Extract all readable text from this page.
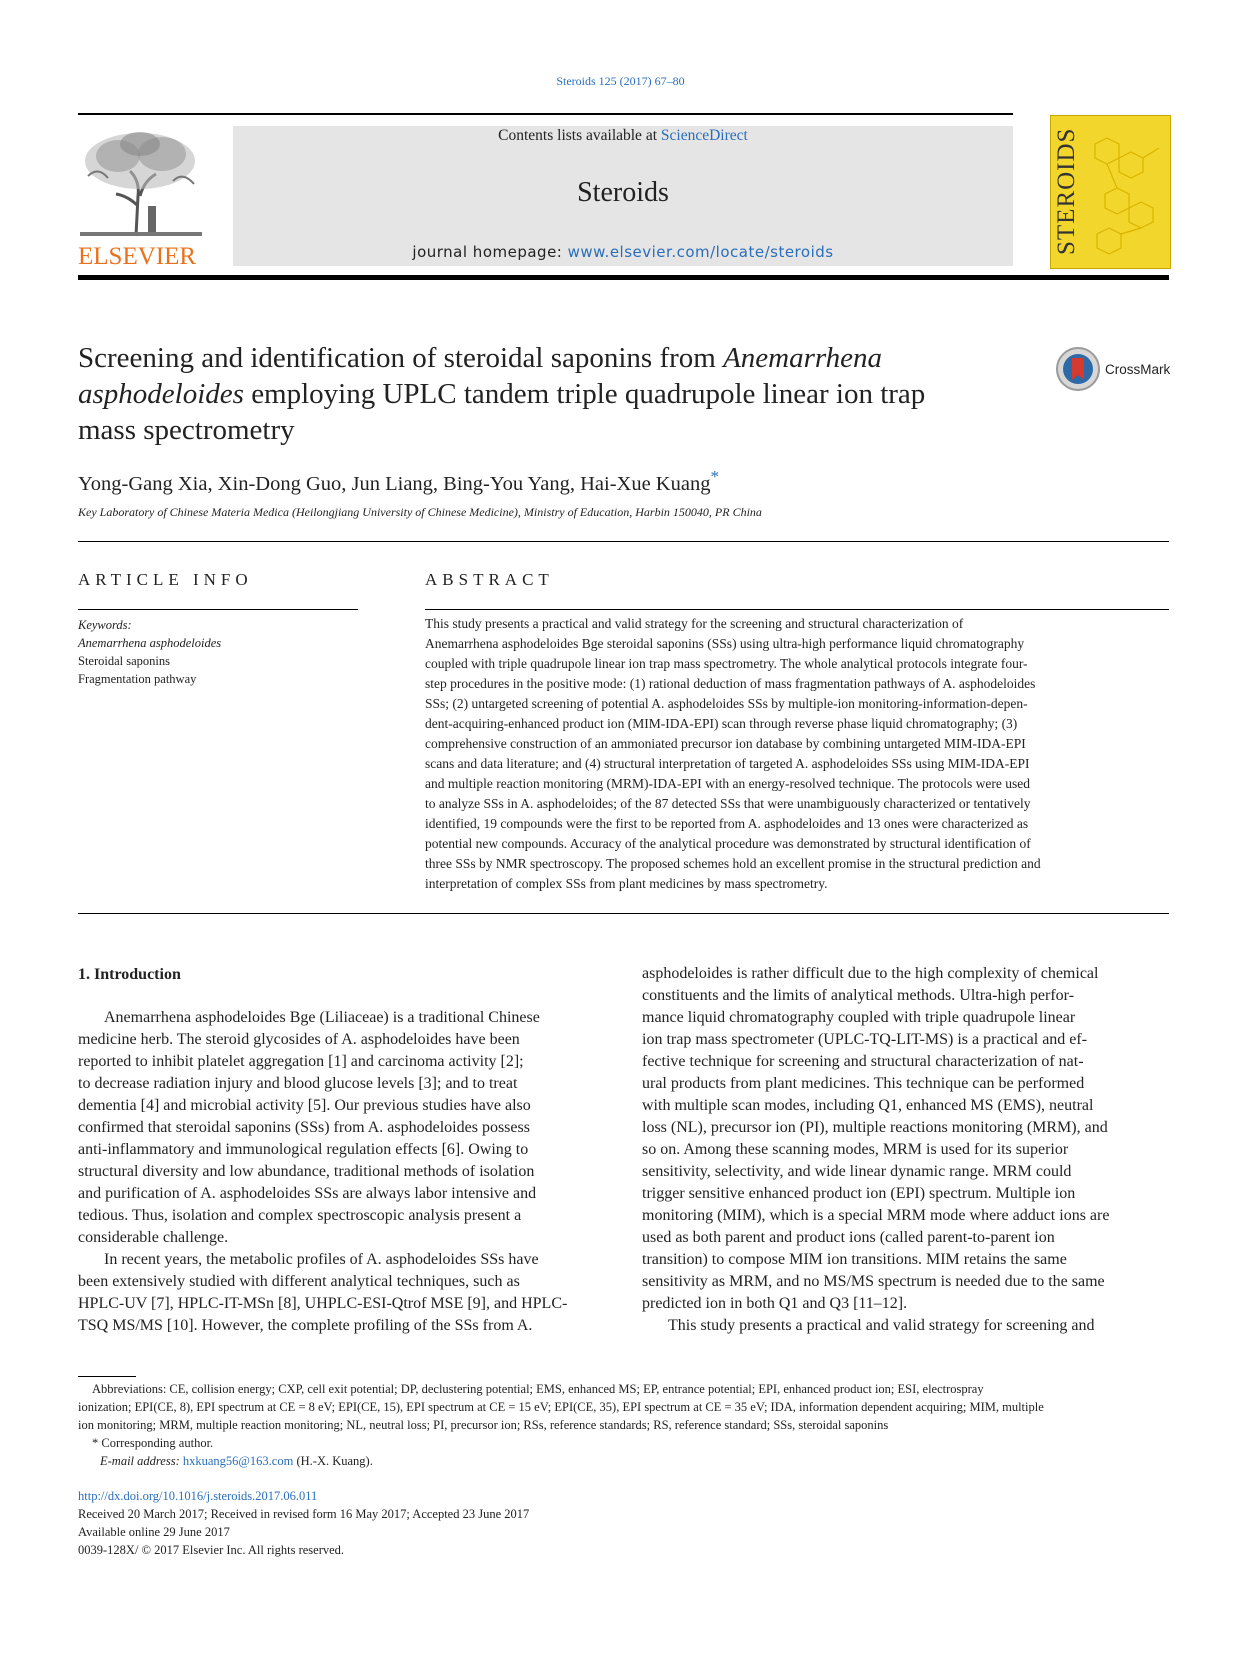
Steroids 125 (2017) 67–80
ELSEVIER
Contents lists available at ScienceDirect
Steroids
journal homepage: www.elsevier.com/locate/steroids	STEROIDS
Screening and identification of steroidal saponins from Anemarrhena
asphodeloides employing UPLC tandem triple quadrupole linear ion trap
mass spectrometry
CrossMark
Yong-Gang Xia, Xin-Dong Guo, Jun Liang, Bing-You Yang, Hai-Xue Kuang*
Key Laboratory of Chinese Materia Medica (Heilongjiang University of Chinese Medicine), Ministry of Education, Harbin 150040, PR China
ARTICLE INFO
Keywords:
Anemarrhena asphodeloides
Steroidal saponins
Fragmentation pathway
ABSTRACT
This study presents a practical and valid strategy for the screening and structural characterization of
Anemarrhena asphodeloides Bge steroidal saponins (SSs) using ultra-high performance liquid chromatography
coupled with triple quadrupole linear ion trap mass spectrometry. The whole analytical protocols integrate four-
step procedures in the positive mode: (1) rational deduction of mass fragmentation pathways of A. asphodeloides
SSs; (2) untargeted screening of potential A. asphodeloides SSs by multiple-ion monitoring-information-depen-
dent-acquiring-enhanced product ion (MIM-IDA-EPI) scan through reverse phase liquid chromatography; (3)
comprehensive construction of an ammoniated precursor ion database by combining untargeted MIM-IDA-EPI
scans and data literature; and (4) structural interpretation of targeted A. asphodeloides SSs using MIM-IDA-EPI
and multiple reaction monitoring (MRM)-IDA-EPI with an energy-resolved technique. The protocols were used
to analyze SSs in A. asphodeloides; of the 87 detected SSs that were unambiguously characterized or tentatively
identified, 19 compounds were the first to be reported from A. asphodeloides and 13 ones were characterized as
potential new compounds. Accuracy of the analytical procedure was demonstrated by structural identification of
three SSs by NMR spectroscopy. The proposed schemes hold an excellent promise in the structural prediction and
interpretation of complex SSs from plant medicines by mass spectrometry.
1. Introduction
Anemarrhena asphodeloides Bge (Liliaceae) is a traditional Chinese
medicine herb. The steroid glycosides of A. asphodeloides have been
reported to inhibit platelet aggregation [1] and carcinoma activity [2];
to decrease radiation injury and blood glucose levels [3]; and to treat
dementia [4] and microbial activity [5]. Our previous studies have also
confirmed that steroidal saponins (SSs) from A. asphodeloides possess
anti-inflammatory and immunological regulation effects [6]. Owing to
structural diversity and low abundance, traditional methods of isolation
and purification of A. asphodeloides SSs are always labor intensive and
tedious. Thus, isolation and complex spectroscopic analysis present a
considerable challenge.
In recent years, the metabolic profiles of A. asphodeloides SSs have
been extensively studied with different analytical techniques, such as
HPLC-UV [7], HPLC-IT-MSn [8], UHPLC-ESI-Qtrof MSE [9], and HPLC-
TSQ MS/MS [10]. However, the complete profiling of the SSs from A.
asphodeloides is rather difficult due to the high complexity of chemical
constituents and the limits of analytical methods. Ultra-high perfor-
mance liquid chromatography coupled with triple quadrupole linear
ion trap mass spectrometer (UPLC-TQ-LIT-MS) is a practical and ef-
fective technique for screening and structural characterization of nat-
ural products from plant medicines. This technique can be performed
with multiple scan modes, including Q1, enhanced MS (EMS), neutral
loss (NL), precursor ion (PI), multiple reactions monitoring (MRM), and
so on. Among these scanning modes, MRM is used for its superior
sensitivity, selectivity, and wide linear dynamic range. MRM could
trigger sensitive enhanced product ion (EPI) spectrum. Multiple ion
monitoring (MIM), which is a special MRM mode where adduct ions are
used as both parent and product ions (called parent-to-parent ion
transition) to compose MIM ion transitions. MIM retains the same
sensitivity as MRM, and no MS/MS spectrum is needed due to the same
predicted ion in both Q1 and Q3 [11–12].
This study presents a practical and valid strategy for screening and
Abbreviations: CE, collision energy; CXP, cell exit potential; DP, declustering potential; EMS, enhanced MS; EP, entrance potential; EPI, enhanced product ion; ESI, electrospray
ionization; EPI(CE, 8), EPI spectrum at CE = 8 eV; EPI(CE, 15), EPI spectrum at CE = 15 eV; EPI(CE, 35), EPI spectrum at CE = 35 eV; IDA, information dependent acquiring; MIM, multiple
ion monitoring; MRM, multiple reaction monitoring; NL, neutral loss; PI, precursor ion; RSs, reference standards; RS, reference standard; SSs, steroidal saponins
* Corresponding author.
E-mail address: hxkuang56@163.com (H.-X. Kuang).
http://dx.doi.org/10.1016/j.steroids.2017.06.011
Received 20 March 2017; Received in revised form 16 May 2017; Accepted 23 June 2017
Available online 29 June 2017
0039-128X/ © 2017 Elsevier Inc. All rights reserved.
